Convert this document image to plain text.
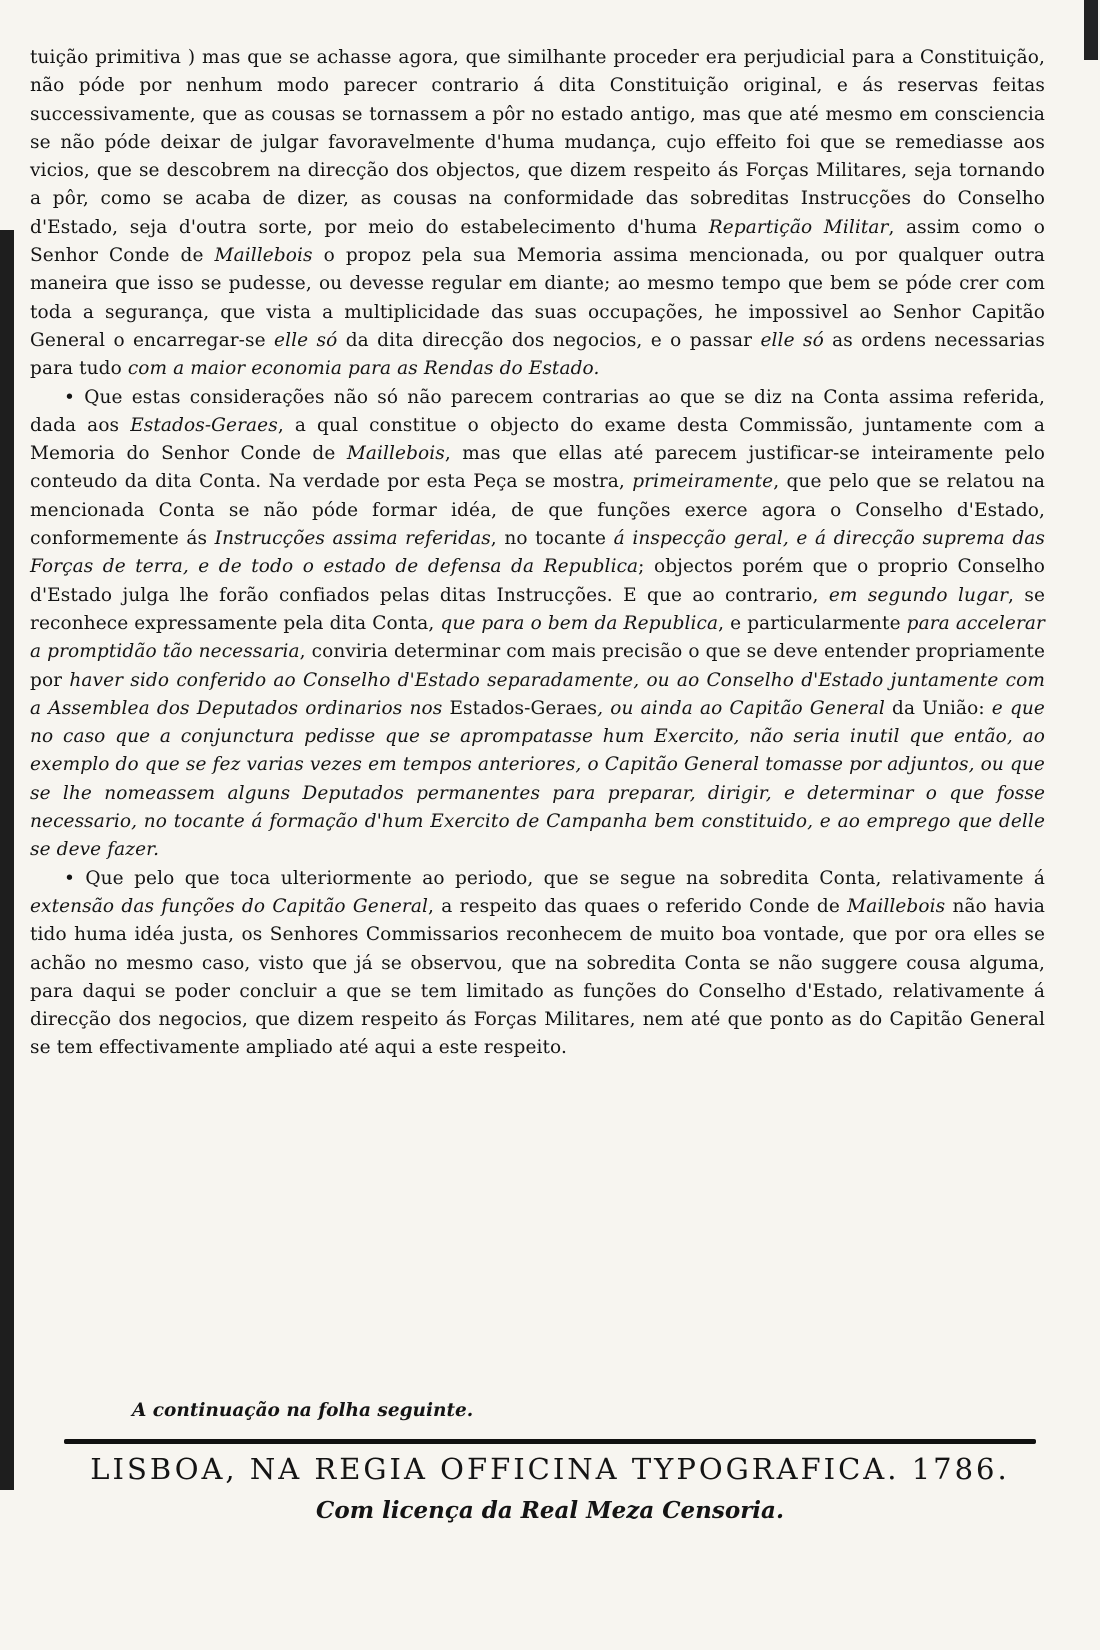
tuição primitiva ) mas que se achasse agora, que similhante proceder era perjudicial para a Constituição, não póde por nenhum modo parecer contrario á dita Constituição original, e ás reservas feitas successivamente, que as cousas se tornassem a pôr no estado antigo, mas que até mesmo em consciencia se não póde deixar de julgar favoravelmente d'huma mudança, cujo effeito foi que se remediasse aos vicios, que se descobrem na direcção dos objectos, que dizem respeito ás Forças Militares, seja tornando a pôr, como se acaba de dizer, as cousas na conformidade das sobreditas Instrucções do Conselho d'Estado, seja d'outra sorte, por meio do estabelecimento d'huma Repartição Militar, assim como o Senhor Conde de Maillebois o propoz pela sua Memoria assima mencionada, ou por qualquer outra maneira que isso se pudesse, ou devesse regular em diante; ao mesmo tempo que bem se póde crer com toda a segurança, que vista a multiplicidade das suas occupações, he impossivel ao Senhor Capitão General o encarregar-se elle só da dita direcção dos negocios, e o passar elle só as ordens necessarias para tudo com a maior economia para as Rendas do Estado.

• Que estas considerações não só não parecem contrarias ao que se diz na Conta assima referida, dada aos Estados-Geraes, a qual constitue o objecto do exame desta Commissão, juntamente com a Memoria do Senhor Conde de Maillebois, mas que ellas até parecem justificar-se inteiramente pelo conteudo da dita Conta. Na verdade por esta Peça se mostra, primeiramente, que pelo que se relatou na mencionada Conta se não póde formar idéa, de que funções exerce agora o Conselho d'Estado, conformemente ás Instrucções assima referidas, no tocante á inspecção geral, e á direcção suprema das Forças de terra, e de todo o estado de defensa da Republica; objectos porém que o proprio Conselho d'Estado julga lhe forão confiados pelas ditas Instrucções. E que ao contrario, em segundo lugar, se reconhece expressamente pela dita Conta, que para o bem da Republica, e particularmente para accelerar a promptidão tão necessaria, conviria determinar com mais precisão o que se deve entender propriamente por haver sido conferido ao Conselho d'Estado separadamente, ou ao Conselho d'Estado juntamente com a Assemblea dos Deputados ordinarios nos Estados-Geraes, ou ainda ao Capitão General da União: e que no caso que a conjunctura pedisse que se aprompatasse hum Exercito, não seria inutil que então, ao exemplo do que se fez varias vezes em tempos anteriores, o Capitão General tomasse por adjuntos, ou que se lhe nomeassem alguns Deputados permanentes para preparar, dirigir, e determinar o que fosse necessario, no tocante á formação d'hum Exercito de Campanha bem constituido, e ao emprego que delle se deve fazer.

• Que pelo que toca ulteriormente ao periodo, que se segue na sobredita Conta, relativamente á extensão das funções do Capitão General, a respeito das quaes o referido Conde de Maillebois não havia tido huma idéa justa, os Senhores Commissarios reconhecem de muito boa vontade, que por ora elles se achão no mesmo caso, visto que já se observou, que na sobredita Conta se não suggere cousa alguma, para daqui se poder concluir a que se tem limitado as funções do Conselho d'Estado, relativamente á direcção dos negocios, que dizem respeito ás Forças Militares, nem até que ponto as do Capitão General se tem effectivamente ampliado até aqui a este respeito.

A continuação na folha seguinte.
LISBOA, NA REGIA OFFICINA TYPOGRAFICA. 1786.
Com licença da Real Meza Censoria.
